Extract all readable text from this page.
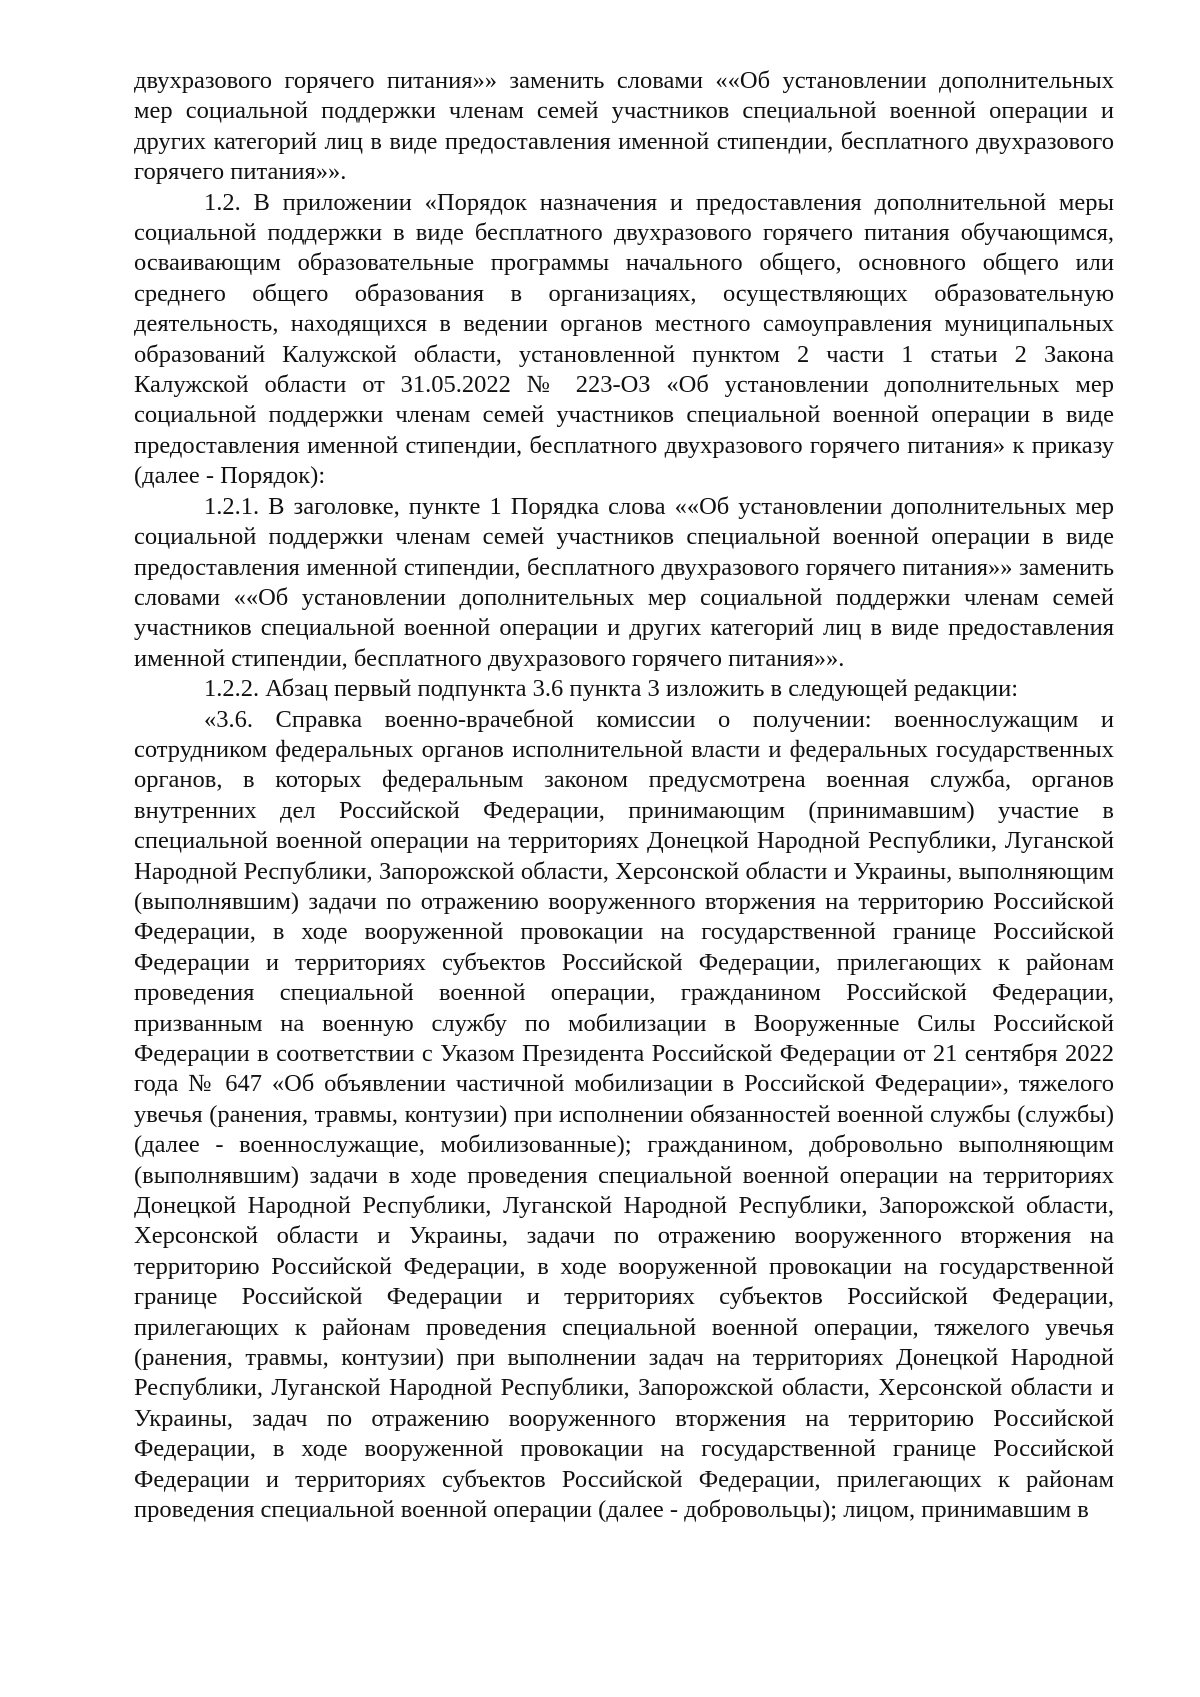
двухразового горячего питания»» заменить словами ««Об установлении дополнительных мер социальной поддержки членам семей участников специальной военной операции и других категорий лиц в виде предоставления именной стипендии, бесплатного двухразового горячего питания»».

1.2. В приложении «Порядок назначения и предоставления дополнительной меры социальной поддержки в виде бесплатного двухразового горячего питания обучающимся, осваивающим образовательные программы начального общего, основного общего или среднего общего образования в организациях, осуществляющих образовательную деятельность, находящихся в ведении органов местного самоуправления муниципальных образований Калужской области, установленной пунктом 2 части 1 статьи 2 Закона Калужской области от 31.05.2022 № 223-ОЗ «Об установлении дополнительных мер социальной поддержки членам семей участников специальной военной операции в виде предоставления именной стипендии, бесплатного двухразового горячего питания» к приказу (далее - Порядок):

1.2.1. В заголовке, пункте 1 Порядка слова ««Об установлении дополнительных мер социальной поддержки членам семей участников специальной военной операции в виде предоставления именной стипендии, бесплатного двухразового горячего питания»» заменить словами ««Об установлении дополнительных мер социальной поддержки членам семей участников специальной военной операции и других категорий лиц в виде предоставления именной стипендии, бесплатного двухразового горячего питания»».

1.2.2. Абзац первый подпункта 3.6 пункта 3 изложить в следующей редакции:

«3.6. Справка военно-врачебной комиссии о получении: военнослужащим и сотрудником федеральных органов исполнительной власти и федеральных государственных органов, в которых федеральным законом предусмотрена военная служба, органов внутренних дел Российской Федерации, принимающим (принимавшим) участие в специальной военной операции на территориях Донецкой Народной Республики, Луганской Народной Республики, Запорожской области, Херсонской области и Украины, выполняющим (выполнявшим) задачи по отражению вооруженного вторжения на территорию Российской Федерации, в ходе вооруженной провокации на государственной границе Российской Федерации и территориях субъектов Российской Федерации, прилегающих к районам проведения специальной военной операции, гражданином Российской Федерации, призванным на военную службу по мобилизации в Вооруженные Силы Российской Федерации в соответствии с Указом Президента Российской Федерации от 21 сентября 2022 года № 647 «Об объявлении частичной мобилизации в Российской Федерации», тяжелого увечья (ранения, травмы, контузии) при исполнении обязанностей военной службы (службы) (далее - военнослужащие, мобилизованные); гражданином, добровольно выполняющим (выполнявшим) задачи в ходе проведения специальной военной операции на территориях Донецкой Народной Республики, Луганской Народной Республики, Запорожской области, Херсонской области и Украины, задачи по отражению вооруженного вторжения на территорию Российской Федерации, в ходе вооруженной провокации на государственной границе Российской Федерации и территориях субъектов Российской Федерации, прилегающих к районам проведения специальной военной операции, тяжелого увечья (ранения, травмы, контузии) при выполнении задач на территориях Донецкой Народной Республики, Луганской Народной Республики, Запорожской области, Херсонской области и Украины, задач по отражению вооруженного вторжения на территорию Российской Федерации, в ходе вооруженной провокации на государственной границе Российской Федерации и территориях субъектов Российской Федерации, прилегающих к районам проведения специальной военной операции (далее - добровольцы); лицом, принимавшим в
